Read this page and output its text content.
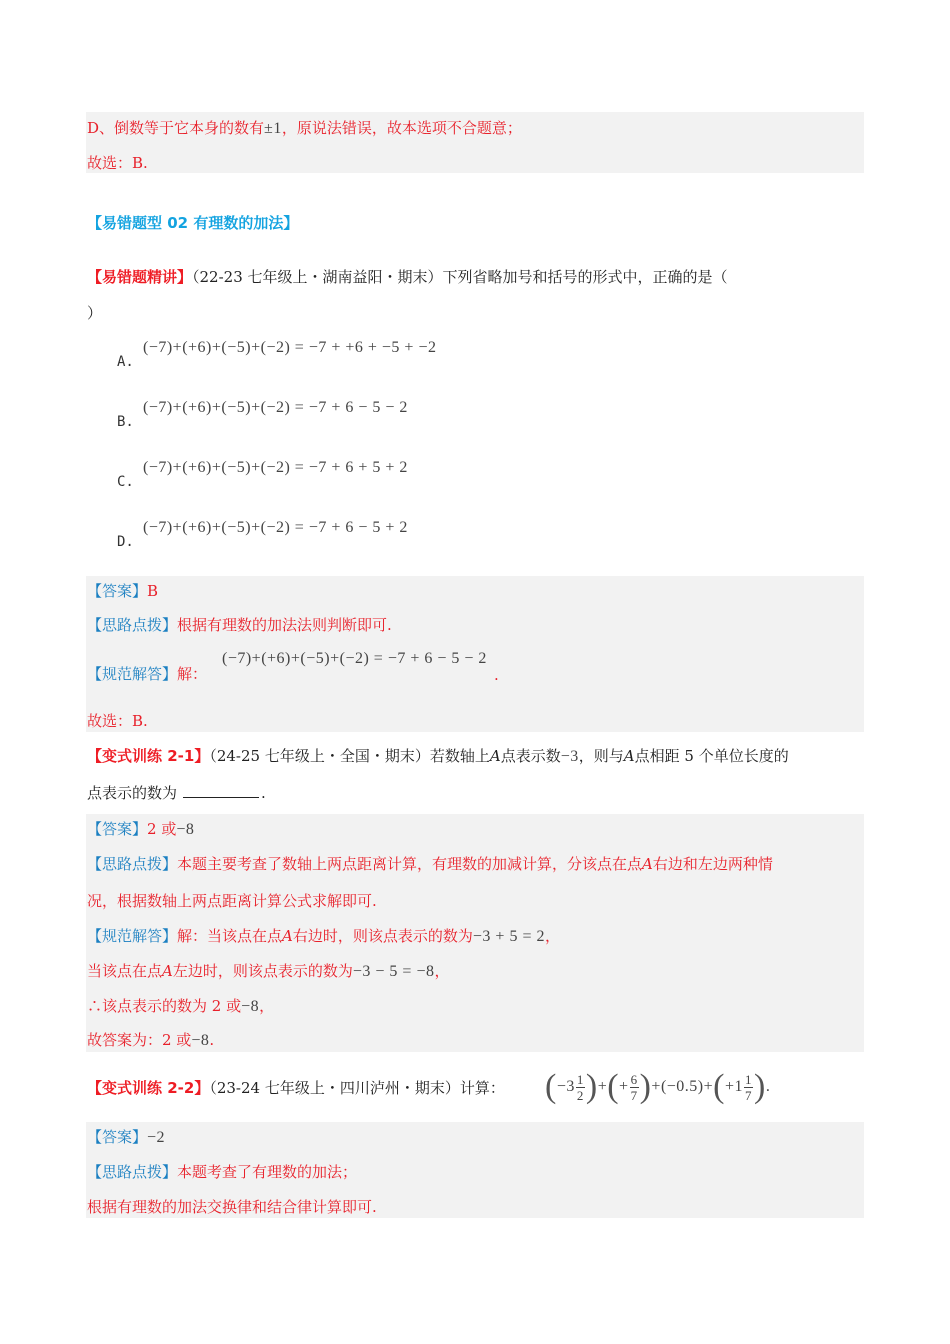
D、倒数等于它本身的数有±1，原说法错误，故本选项不合题意；
故选：B.
【易错题型 02 有理数的加法】
【易错题精讲】（22-23 七年级上・湖南益阳・期末）下列省略加号和括号的形式中，正确的是（
）
A.
(−7)+(+6)+(−5)+(−2) = −7 + +6 + −5 + −2
B.
(−7)+(+6)+(−5)+(−2) = −7 + 6 − 5 − 2
C.
(−7)+(+6)+(−5)+(−2) = −7 + 6 + 5 + 2
D.
(−7)+(+6)+(−5)+(−2) = −7 + 6 − 5 + 2
【答案】B
【思路点拨】根据有理数的加法法则判断即可.
【规范解答】解：
(−7)+(+6)+(−5)+(−2) = −7 + 6 − 5 − 2
.
故选：B.
【变式训练 2-1】（24-25 七年级上・全国・期末）若数轴上A点表示数−3，则与A点相距 5 个单位长度的
点表示的数为	.
【答案】2 或−8
【思路点拨】本题主要考查了数轴上两点距离计算，有理数的加减计算，分该点在点A右边和左边两种情
况，根据数轴上两点距离计算公式求解即可.
【规范解答】解：当该点在点A右边时，则该点表示的数为−3 + 5 = 2，
当该点在点A左边时，则该点表示的数为−3 − 5 = −8，
∴该点表示的数为 2 或−8，
故答案为：2 或−8.
【变式训练 2-2】（23-24 七年级上・四川泸州・期末）计算： ( $-3 \frac{1}{2}$ ) + ( + $\frac{6}{7}$ ) + (−0.5) + ( $+1 \frac{1}{7}$ ) .
【答案】−2
【思路点拨】本题考查了有理数的加法；
根据有理数的加法交换律和结合律计算即可.
